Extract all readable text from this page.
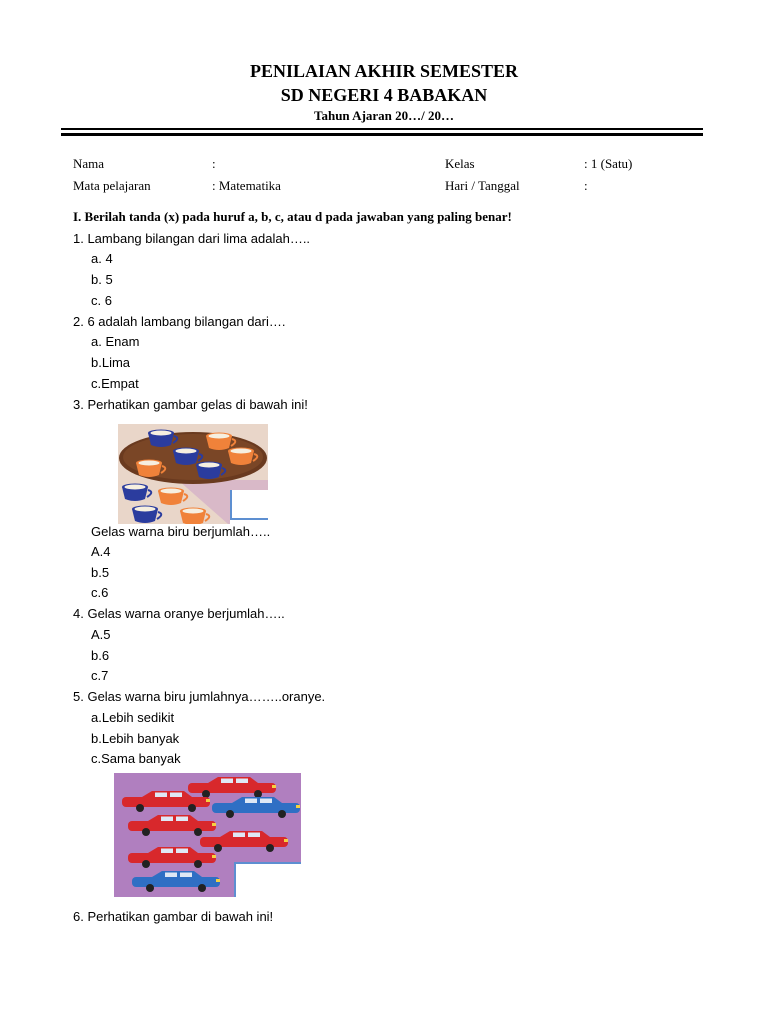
PENILAIAN AKHIR SEMESTER
SD NEGERI 4 BABAKAN
Tahun Ajaran 20…/ 20…
Nama	:
Mata pelajaran	: Matematika
Kelas	: 1 (Satu)
Hari / Tanggal	:
I. Berilah tanda (x) pada huruf a, b, c, atau d pada jawaban yang paling benar!
1. Lambang bilangan dari lima adalah…..
a. 4
b. 5
c. 6
2. 6 adalah lambang bilangan dari….
a. Enam
b.Lima
c.Empat
3. Perhatikan gambar gelas di bawah ini!
Gelas warna biru berjumlah…..
A.4
b.5
c.6
4. Gelas warna oranye berjumlah…..
A.5
b.6
c.7
5. Gelas warna biru jumlahnya……..oranye.
a.Lebih sedikit
b.Lebih banyak
c.Sama banyak
6. Perhatikan gambar di bawah ini!
